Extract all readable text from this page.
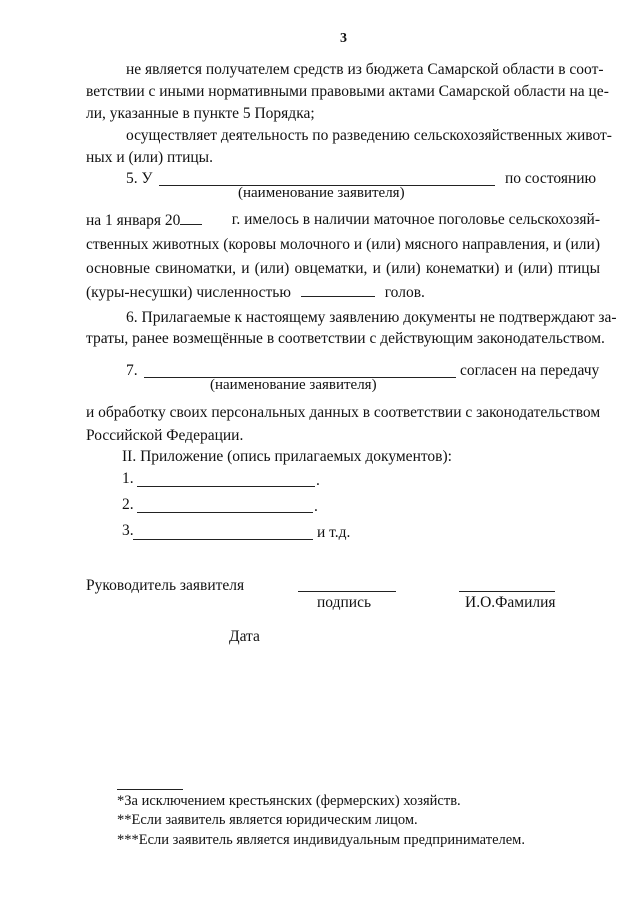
3
не является получателем средств из бюджета Самарской области в соот-
ветствии с иными нормативными правовыми актами Самарской области на це-
ли, указанные в пункте 5 Порядка;
осуществляет деятельность по разведению сельскохозяйственных живот-
ных и (или) птицы.
5. У	по состоянию
(наименование заявителя)
на 1 января 20	г. имелось в наличии маточное поголовье сельскохозяй-
ственных животных (коровы молочного и (или) мясного направления, и (или)
основные свиноматки, и (или) овцематки, и (или) конематки) и (или) птицы
(куры-несушки) численностью	голов.
6. Прилагаемые к настоящему заявлению документы не подтверждают за-
траты, ранее возмещённые в соответствии с действующим законодательством.
7.	согласен на передачу
(наименование заявителя)
и обработку своих персональных данных в соответствии с законодательством
Российской Федерации.
II. Приложение (опись прилагаемых документов):
1.	.
2.	.
3.	и т.д.
Руководитель заявителя
подпись	И.О.Фамилия
Дата
*За исключением крестьянских (фермерских) хозяйств.
**Если заявитель является юридическим лицом.
***Если заявитель является индивидуальным предпринимателем.
